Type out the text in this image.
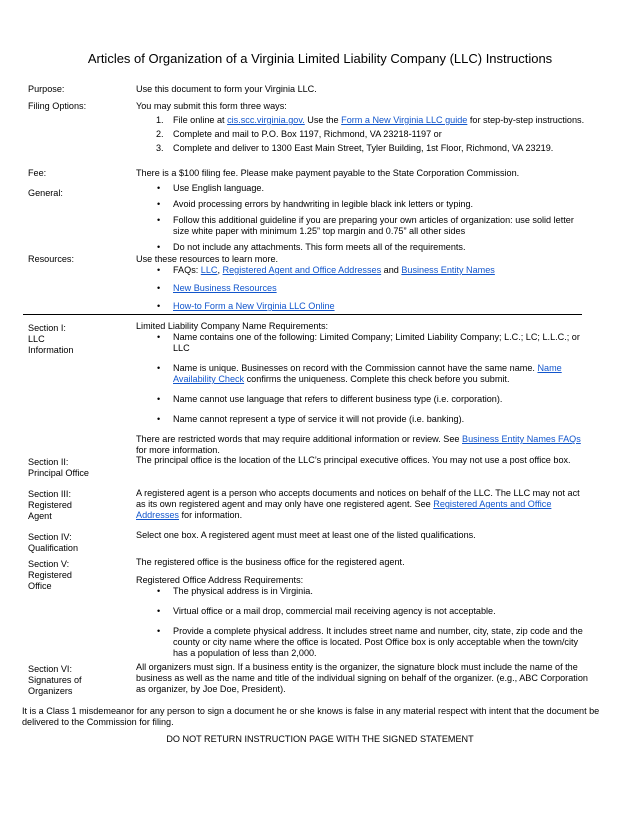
Articles of Organization of a Virginia Limited Liability Company (LLC) Instructions
Purpose:	Use this document to form your Virginia LLC.
Filing Options:	You may submit this form three ways:

1. File online at cis.scc.virginia.gov. Use the Form a New Virginia LLC guide for step-by-step instructions.
2. Complete and mail to P.O. Box 1197, Richmond, VA 23218-1197 or
3. Complete and deliver to 1300 East Main Street, Tyler Building, 1st Floor, Richmond, VA 23219.
Fee:	There is a $100 filing fee. Please make payment payable to the State Corporation Commission.
General:
•	Use English language.
• Avoid processing errors by handwriting in legible black ink letters or typing.
• Follow this additional guideline if you are preparing your own articles of organization: use solid letter size white paper with minimum 1.25” top margin and 0.75” all other sides
• Do not include any attachments. This form meets all of the requirements.
Resources:	Use these resources to learn more.

• FAQs: LLC, Registered Agent and Office Addresses and Business Entity Names
• New Business Resources
• How-to Form a New Virginia LLC Online
Section I:
LLC
Information

Limited Liability Company Name Requirements:

• Name contains one of the following: Limited Company; Limited Liability Company; L.C.; LC; L.L.C.; or LLC
• Name is unique. Businesses on record with the Commission cannot have the same name. Name Availability Check confirms the uniqueness. Complete this check before you submit.
• Name cannot use language that refers to different business type (i.e. corporation).
• Name cannot represent a type of service it will not provide (i.e. banking).

There are restricted words that may require additional information or review. See Business Entity Names FAQs for more information.

Section II:
Principal Office
The principal office is the location of the LLC’s principal executive offices. You may not use a post office box.
Section III:
Registered
Agent
A registered agent is a person who accepts documents and notices on behalf of the LLC. The LLC may not act as its own registered agent and may only have one registered agent. See Registered Agents and Office Addresses for information.
Section IV:
Qualification
Select one box. A registered agent must meet at least one of the listed qualifications.
Section V:
Registered
Office

The registered office is the business office for the registered agent.

Registered Office Address Requirements:

• The physical address is in Virginia.
• Virtual office or a mail drop, commercial mail receiving agency is not acceptable.
• Provide a complete physical address. It includes street name and number, city, state, zip code and the county or city name where the office is located. Post Office box is only acceptable when the town/city has a population of less than 2,000.
Section VI:
Signatures of
Organizers
All organizers must sign. If a business entity is the organizer, the signature block must include the name of the business as well as the name and title of the individual signing on behalf of the organizer. (e.g., ABC Corporation as organizer, by Joe Doe, President).
It is a Class 1 misdemeanor for any person to sign a document he or she knows is false in any material respect with intent that the document be delivered to the Commission for filing.
DO NOT RETURN INSTRUCTION PAGE WITH THE SIGNED STATEMENT
